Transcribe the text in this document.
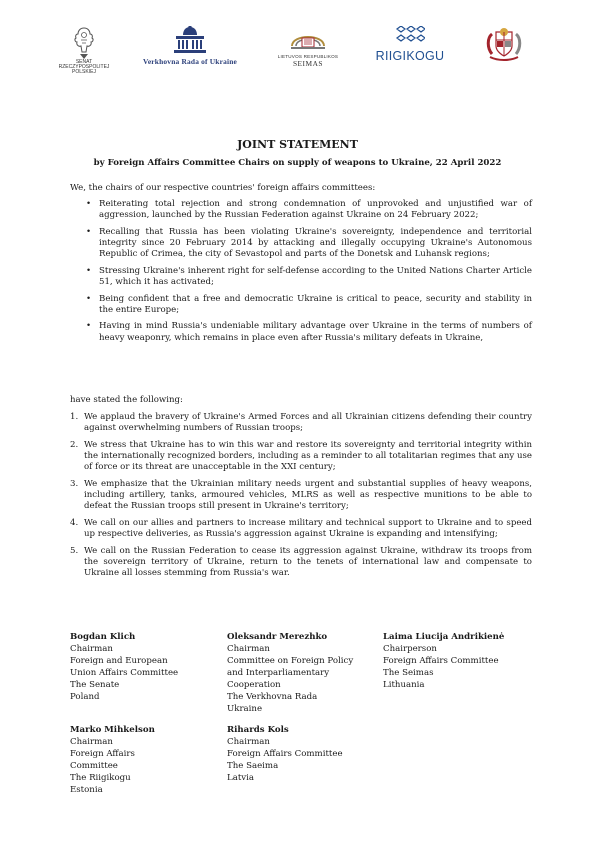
SENAT
RZECZYPOSPOLITEJ
POLSKIEJ
Verkhovna Rada of Ukraine
LIETUVOS RESPUBLIKOS
SEIMAS
RIIGIKOGU
JOINT STATEMENT
by Foreign Affairs Committee Chairs on supply of weapons to Ukraine, 22 April 2022
We, the chairs of our respective countries' foreign affairs committees:
• Reiterating total rejection and strong condemnation of unprovoked and unjustified war of aggression, launched by the Russian Federation against Ukraine on 24 February 2022;
• Recalling that Russia has been violating Ukraine's sovereignty, independence and territorial integrity since 20 February 2014 by attacking and illegally occupying Ukraine's Autonomous Republic of Crimea, the city of Sevastopol and parts of the Donetsk and Luhansk regions;
• Stressing Ukraine's inherent right for self-defense according to the United Nations Charter Article 51, which it has activated;
• Being confident that a free and democratic Ukraine is critical to peace, security and stability in the entire Europe;
• Having in mind Russia's undeniable military advantage over Ukraine in the terms of numbers of heavy weaponry, which remains in place even after Russia's military defeats in Ukraine,
have stated the following:
1. We applaud the bravery of Ukraine's Armed Forces and all Ukrainian citizens defending their country against overwhelming numbers of Russian troops;
2. We stress that Ukraine has to win this war and restore its sovereignty and territorial integrity within the internationally recognized borders, including as a reminder to all totalitarian regimes that any use of force or its threat are unacceptable in the XXI century;
3. We emphasize that the Ukrainian military needs urgent and substantial supplies of heavy weapons, including artillery, tanks, armoured vehicles, MLRS as well as respective munitions to be able to defeat the Russian troops still present in Ukraine's territory;
4. We call on our allies and partners to increase military and technical support to Ukraine and to speed up respective deliveries, as Russia's aggression against Ukraine is expanding and intensifying;
5. We call on the Russian Federation to cease its aggression against Ukraine, withdraw its troops from the sovereign territory of Ukraine, return to the tenets of international law and compensate to Ukraine all losses stemming from Russia's war.
Bogdan Klich
Chairman
Foreign and European
Union Affairs Committee
The Senate
Poland
Oleksandr Merezhko
Chairman
Committee on Foreign Policy
and Interparliamentary
Cooperation
The Verkhovna Rada
Ukraine
Laima Liucija Andrikienė
Chairperson
Foreign Affairs Committee
The Seimas
Lithuania
Marko Mihkelson
Chairman
Foreign Affairs
Committee
The Riigikogu
Estonia
Rihards Kols
Chairman
Foreign Affairs Committee
The Saeima
Latvia
